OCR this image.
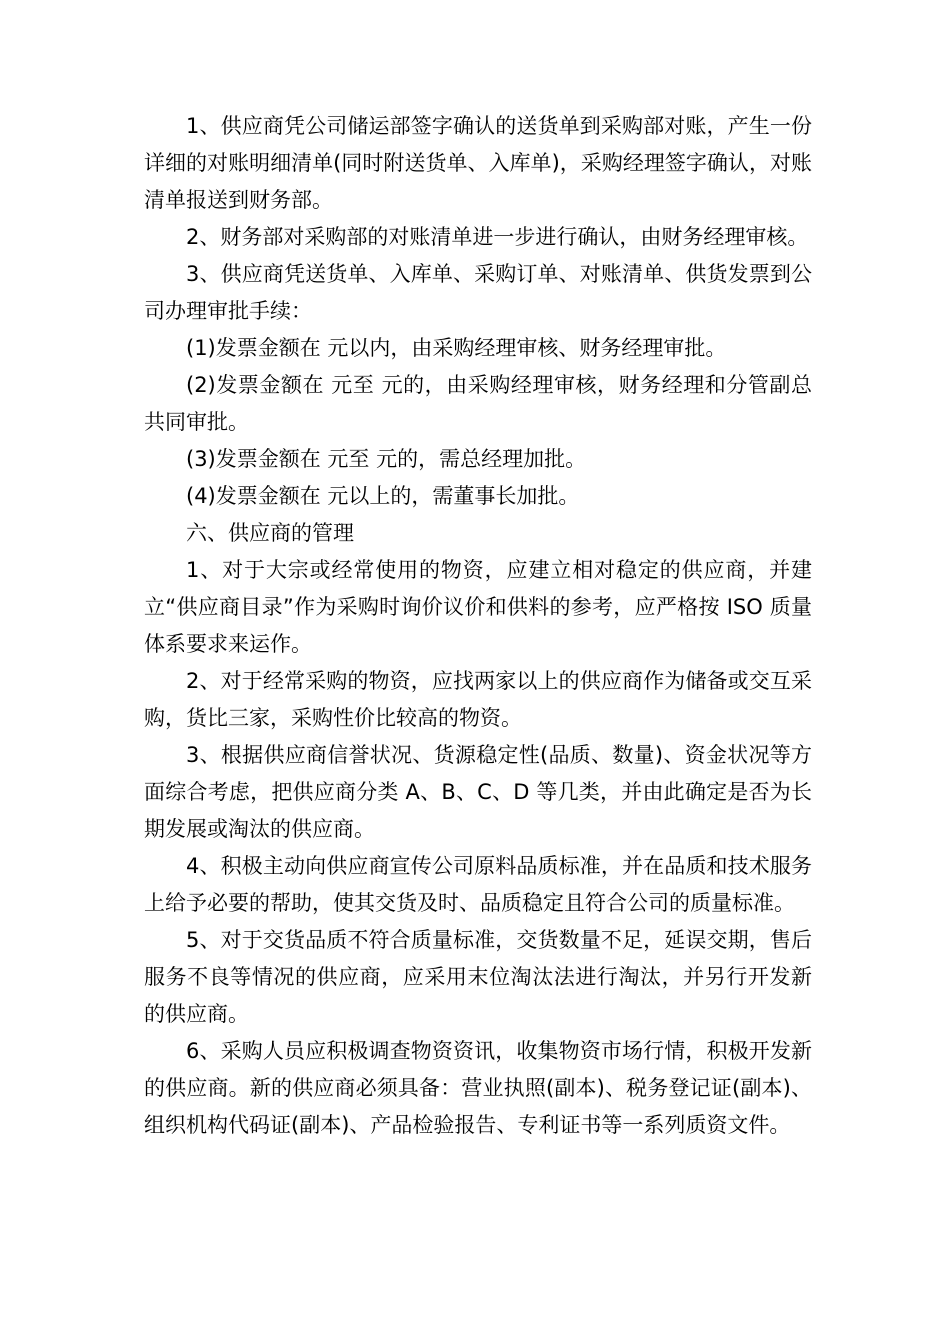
1、供应商凭公司储运部签字确认的送货单到采购部对账，产生一份详细的对账明细清单(同时附送货单、入库单)，采购经理签字确认，对账清单报送到财务部。

2、财务部对采购部的对账清单进一步进行确认，由财务经理审核。

3、供应商凭送货单、入库单、采购订单、对账清单、供货发票到公司办理审批手续：

(1)发票金额在 元以内，由采购经理审核、财务经理审批。

(2)发票金额在 元至 元的，由采购经理审核，财务经理和分管副总共同审批。

(3)发票金额在 元至 元的，需总经理加批。

(4)发票金额在 元以上的，需董事长加批。

六、供应商的管理

1、对于大宗或经常使用的物资，应建立相对稳定的供应商，并建立“供应商目录”作为采购时询价议价和供料的参考，应严格按 ISO 质量体系要求来运作。

2、对于经常采购的物资，应找两家以上的供应商作为储备或交互采购，货比三家，采购性价比较高的物资。

3、根据供应商信誉状况、货源稳定性(品质、数量)、资金状况等方面综合考虑，把供应商分类 A、B、C、D 等几类，并由此确定是否为长期发展或淘汰的供应商。

4、积极主动向供应商宣传公司原料品质标准，并在品质和技术服务上给予必要的帮助，使其交货及时、品质稳定且符合公司的质量标准。

5、对于交货品质不符合质量标准，交货数量不足，延误交期，售后服务不良等情况的供应商，应采用末位淘汰法进行淘汰，并另行开发新的供应商。

6、采购人员应积极调查物资资讯，收集物资市场行情，积极开发新的供应商。新的供应商必须具备：营业执照(副本)、税务登记证(副本)、组织机构代码证(副本)、产品检验报告、专利证书等一系列质资文件。
